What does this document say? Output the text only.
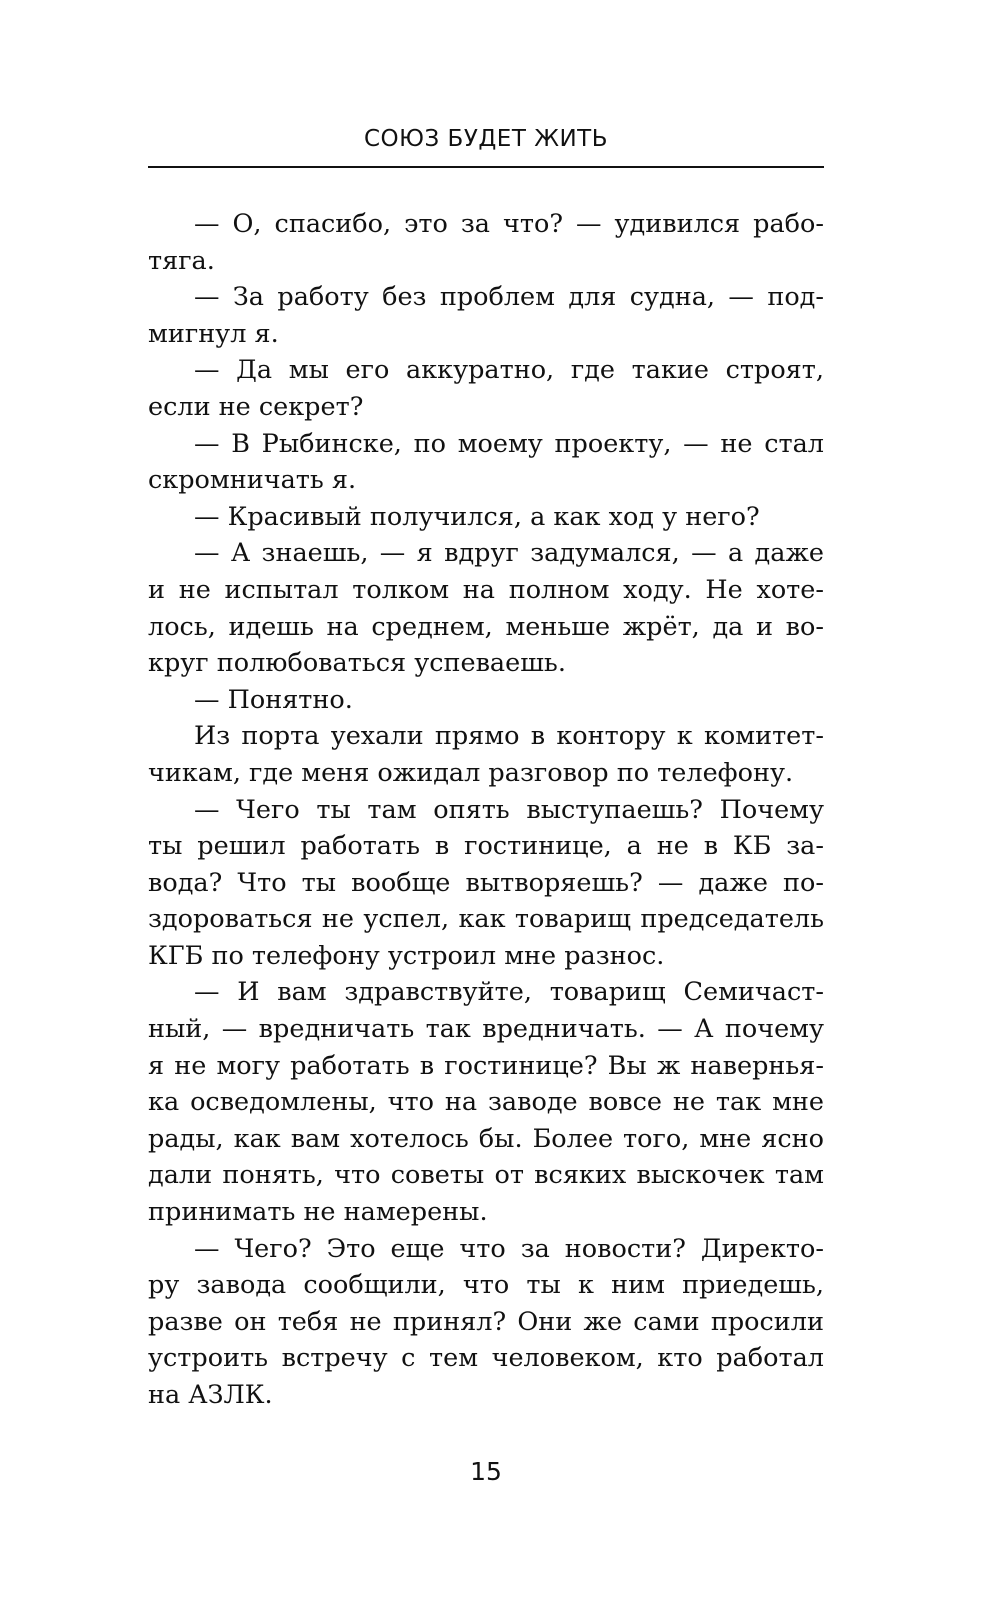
СОЮЗ БУДЕТ ЖИТЬ
— О, спасибо, это за что? — удивился рабо-
тяга.
— За работу без проблем для судна, — под-
мигнул я.
— Да мы его аккуратно, где такие строят,
если не секрет?
— В Рыбинске, по моему проекту, — не стал
скромничать я.
— Красивый получился, а как ход у него?
— А знаешь, — я вдруг задумался, — а даже
и не испытал толком на полном ходу. Не хоте-
лось, идешь на среднем, меньше жрёт, да и во-
круг полюбоваться успеваешь.
— Понятно.
Из порта уехали прямо в контору к комитет-
чикам, где меня ожидал разговор по телефону.
— Чего ты там опять выступаешь? Почему
ты решил работать в гостинице, а не в КБ за-
вода? Что ты вообще вытворяешь? — даже по-
здороваться не успел, как товарищ председатель
КГБ по телефону устроил мне разнос.
— И вам здравствуйте, товарищ Семичаст-
ный, — вредничать так вредничать. — А почему
я не могу работать в гостинице? Вы ж навернья-
ка осведомлены, что на заводе вовсе не так мне
рады, как вам хотелось бы. Более того, мне ясно
дали понять, что советы от всяких выскочек там
принимать не намерены.
— Чего? Это еще что за новости? Директо-
ру завода сообщили, что ты к ним приедешь,
разве он тебя не принял? Они же сами просили
устроить встречу с тем человеком, кто работал
на АЗЛК.
15
